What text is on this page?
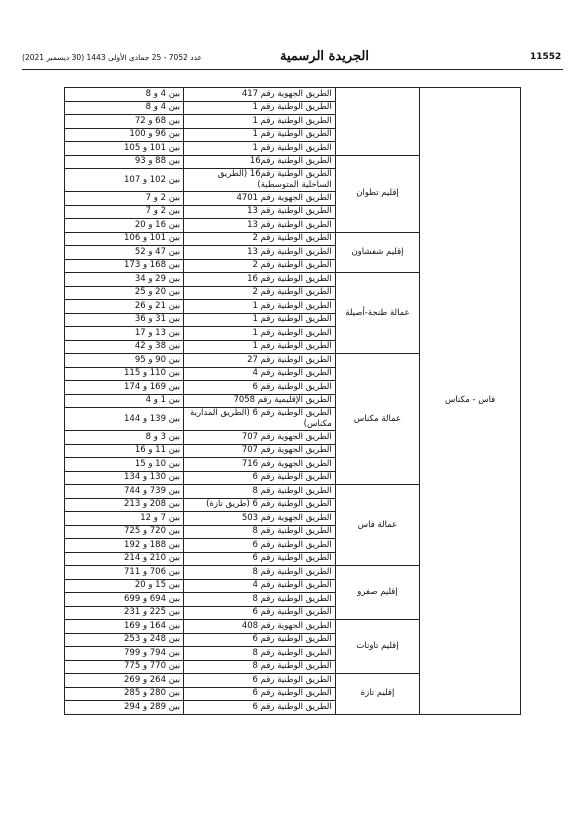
11552
الجريدة الرسمية
عدد 7052 - 25 جمادى الأولى 1443 (30 ديسمبر 2021)
فاس - مكناس		الطريق الجهوية رقم 417	بين 4 و 8
		الطريق الوطنية رقم 1	بين 4 و 8
		الطريق الوطنية رقم 1	بين 68 و 72
		الطريق الوطنية رقم 1	بين 96 و 100
		الطريق الوطنية رقم 1	بين 101 و 105
	إقليم تطوان	الطريق الوطنية رقم16	بين 88 و 93
		الطريق الوطنية رقم16 (الطريق الساحلية المتوسطية)	بين 102 و 107
		الطريق الجهوية رقم 4701	بين 2 و 7
		الطريق الوطنية رقم 13	بين 2 و 7
		الطريق الوطنية رقم 13	بين 16 و 20
	إقليم شفشاون	الطريق الوطنية رقم 2	بين 101 و 106
		الطريق الوطنية رقم 13	بين 47 و 52
		الطريق الوطنية رقم 2	بين 168 و 173
	عمالة طنجة-أصيلة	الطريق الوطنية رقم 16	بين 29 و 34
		الطريق الوطنية رقم 2	بين 20 و 25
		الطريق الوطنية رقم 1	بين 21 و 26
		الطريق الوطنية رقم 1	بين 31 و 36
		الطريق الوطنية رقم 1	بين 13 و 17
		الطريق الوطنية رقم 1	بين 38 و 42
	عمالة مكناس	الطريق الوطنية رقم 27	بين 90 و 95
		الطريق الوطنية رقم 4	بين 110 و 115
		الطريق الوطنية رقم 6	بين 169 و 174
		الطريق الإقليمية رقم 7058	بين 1 و 4
		الطريق الوطنية رقم 6 (الطريق المدارية مكناس)	بين 139 و 144
		الطريق الجهوية رقم 707	بين 3 و 8
		الطريق الجهوية رقم 707	بين 11 و 16
		الطريق الجهوية رقم 716	بين 10 و 15
		الطريق الوطنية رقم 6	بين 130 و 134
	عمالة فاس	الطريق الوطنية رقم 8	بين 739 و 744
		الطريق الوطنية رقم 6 (طريق تازة)	بين 208 و 213
		الطريق الجهوية رقم 503	بين 7 و 12
		الطريق الوطنية رقم 8	بين 720 و 725
		الطريق الوطنية رقم 6	بين 188 و 192
		الطريق الوطنية رقم 6	بين 210 و 214
	إقليم صفرو	الطريق الوطنية رقم 8	بين 706 و 711
		الطريق الوطنية رقم 4	بين 15 و 20
		الطريق الوطنية رقم 8	بين 694 و 699
		الطريق الوطنية رقم 6	بين 225 و 231
	إقليم تاونات	الطريق الجهوية رقم 408	بين 164 و 169
		الطريق الوطنية رقم 6	بين 248 و 253
		الطريق الوطنية رقم 8	بين 794 و 799
		الطريق الوطنية رقم 8	بين 770 و 775
	إقليم تازة	الطريق الوطنية رقم 6	بين 264 و 269
		الطريق الوطنية رقم 6	بين 280 و 285
		الطريق الوطنية رقم 6	بين 289 و 294
